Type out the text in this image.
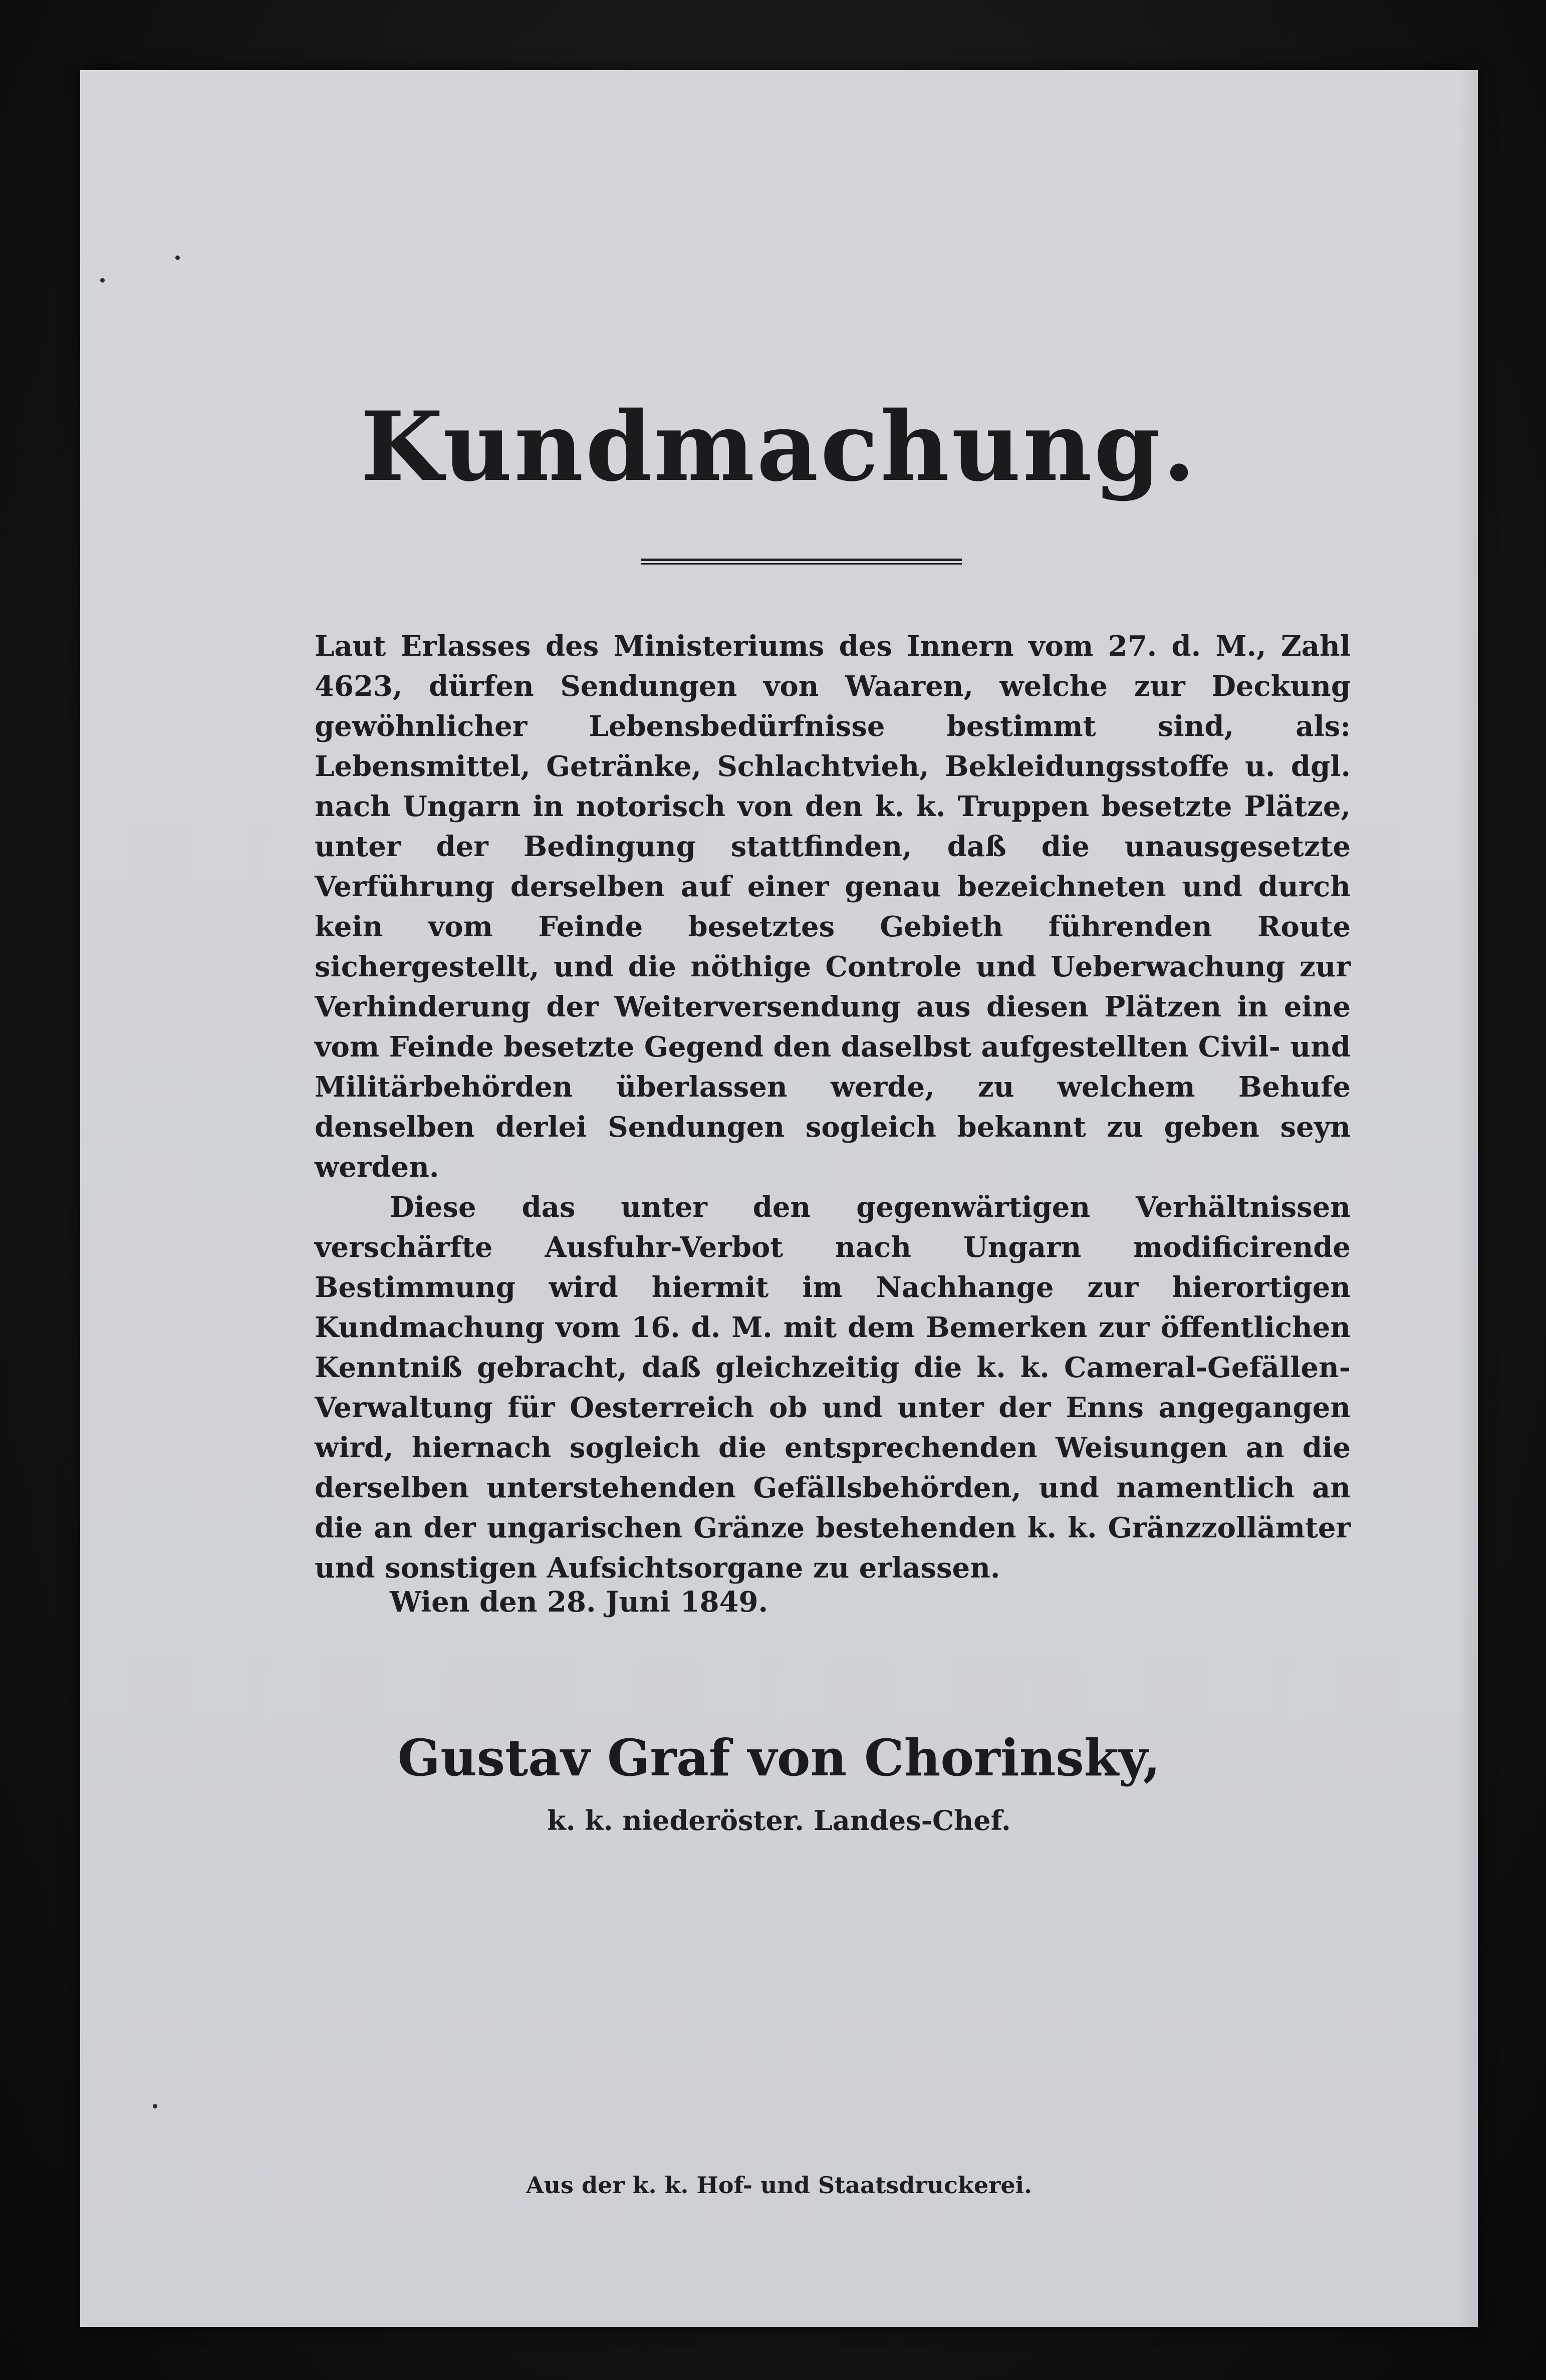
Kundmachung.

Laut Erlasses des Ministeriums des Innern vom 27. d. M., Zahl 4623, dürfen Sendungen von Waaren, welche zur Deckung gewöhnlicher Lebensbedürfnisse bestimmt sind, als: Lebensmittel, Getränke, Schlachtvieh, Bekleidungsstoffe u. dgl. nach Ungarn in notorisch von den k. k. Truppen besetzte Plätze, unter der Bedingung stattfinden, daß die unausgesetzte Verführung derselben auf einer genau bezeichneten und durch kein vom Feinde besetztes Gebieth führenden Route sichergestellt, und die nöthige Controle und Ueberwachung zur Verhinderung der Weiterversendung aus diesen Plätzen in eine vom Feinde besetzte Gegend den daselbst aufgestellten Civil- und Militärbehörden überlassen werde, zu welchem Behufe denselben derlei Sendungen sogleich bekannt zu geben seyn werden.

Diese das unter den gegenwärtigen Verhältnissen verschärfte Ausfuhr-Verbot nach Ungarn modificirende Bestimmung wird hiermit im Nachhange zur hierortigen Kundmachung vom 16. d. M. mit dem Bemerken zur öffentlichen Kenntniß gebracht, daß gleichzeitig die k. k. Cameral-Gefällen-Verwaltung für Oesterreich ob und unter der Enns angegangen wird, hiernach sogleich die entsprechenden Weisungen an die derselben unterstehenden Gefällsbehörden, und namentlich an die an der ungarischen Gränze bestehenden k. k. Gränzzollämter und sonstigen Aufsichtsorgane zu erlassen.

Wien den 28. Juni 1849.

Gustav Graf von Chorinsky,

k. k. niederöster. Landes-Chef.

Aus der k. k. Hof- und Staatsdruckerei.
